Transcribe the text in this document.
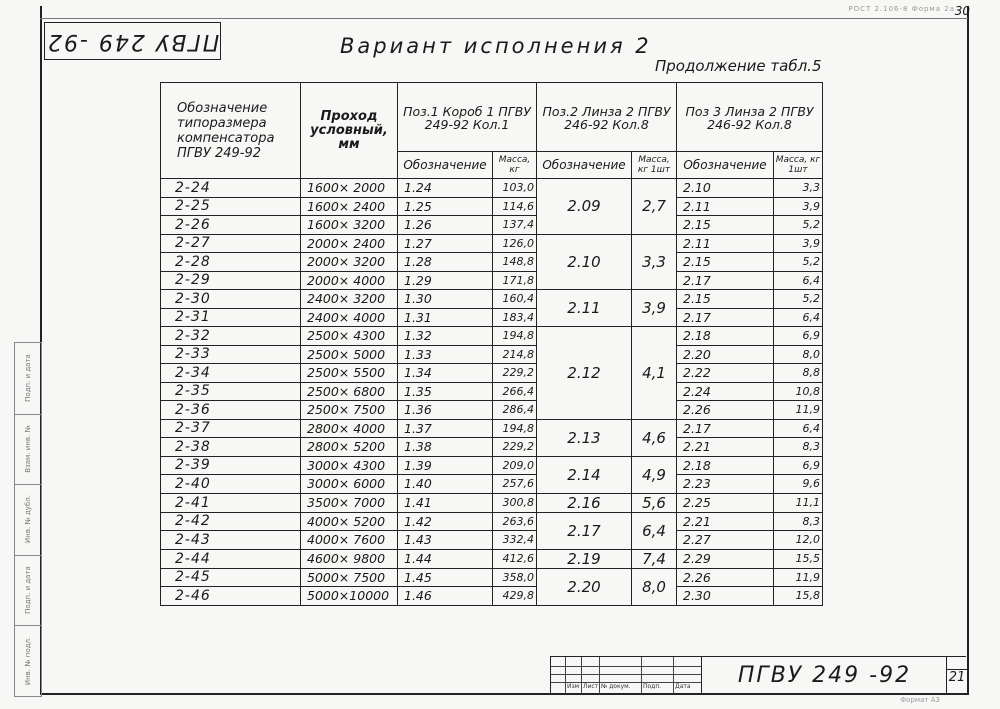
РОСТ 2.106-8 Форма 2а 30
ПГВУ 249 -92	Вариант исполнения 2
Продолжение табл.5
Обозначение типоразмера компенсатора ПГВУ 249-92	Проход условный, мм	Поз.1 Короб 1 ПГВУ 249-92 Кол.1		Поз.2 Линза 2 ПГВУ 246-92 Кол.8		Поз 3 Линза 2 ПГВУ 246-92 Кол.8	
		Обозначение	Масса, кг	Обозначение	Масса, кг 1шт	Обозначение	Масса, кг 1шт
2-24	1600× 2000	1.24	103,0	2.09	2,7	2.10	3,3
2-25	1600× 2400	1.25	114,6			2.11	3,9
2-26	1600× 3200	1.26	137,4			2.15	5,2
2-27	2000× 2400	1.27	126,0	2.10	3,3	2.11	3,9
2-28	2000× 3200	1.28	148,8			2.15	5,2
2-29	2000× 4000	1.29	171,8			2.17	6,4
2-30	2400× 3200	1.30	160,4	2.11	3,9	2.15	5,2
2-31	2400× 4000	1.31	183,4			2.17	6,4
2-32	2500× 4300	1.32	194,8	2.12	4,1	2.18	6,9
2-33	2500× 5000	1.33	214,8			2.20	8,0
2-34	2500× 5500	1.34	229,2			2.22	8,8
2-35	2500× 6800	1.35	266,4			2.24	10,8
2-36	2500× 7500	1.36	286,4			2.26	11,9
2-37	2800× 4000	1.37	194,8	2.13	4,6	2.17	6,4
2-38	2800× 5200	1.38	229,2			2.21	8,3
2-39	3000× 4300	1.39	209,0	2.14	4,9	2.18	6,9
2-40	3000× 6000	1.40	257,6			2.23	9,6
2-41	3500× 7000	1.41	300,8	2.16	5,6	2.25	11,1
2-42	4000× 5200	1.42	263,6	2.17	6,4	2.21	8,3
2-43	4000× 7600	1.43	332,4			2.27	12,0
2-44	4600× 9800	1.44	412,6	2.19	7,4	2.29	15,5
2-45	5000× 7500	1.45	358,0	2.20	8,0	2.26	11,9
2-46	5000×10000	1.46	429,8			2.30	15,8
Подп. и дата
Взам. инв. №
Инв. № дубл.
Подп. и дата
Инв. № подл.
Изм Лист № докум. Подп. Дата	ПГВУ 249 -92	21
Формат А3
